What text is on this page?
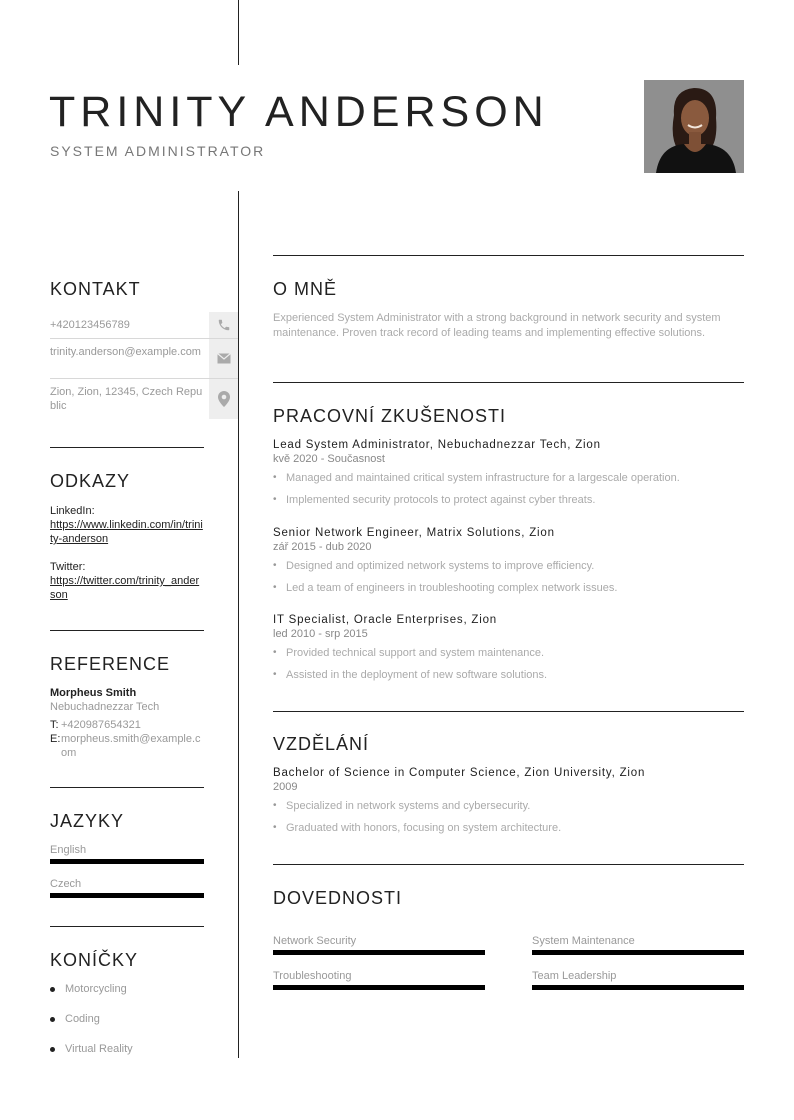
TRINITY ANDERSON
SYSTEM ADMINISTRATOR
KONTAKT
+420123456789
trinity.anderson@example.com
Zion, Zion, 12345, Czech Republic
ODKAZY
LinkedIn:
https://www.linkedin.com/in/trinity-anderson
Twitter:
https://twitter.com/trinity_anderson
REFERENCE
Morpheus Smith
Nebuchadnezzar Tech
T: +420987654321
E: morpheus.smith@example.com
JAZYKY
English
Czech
KONÍČKY
Motorcycling
Coding
Virtual Reality
O MNĚ
Experienced System Administrator with a strong background in network security and system maintenance. Proven track record of leading teams and implementing effective solutions.
PRACOVNÍ ZKUŠENOSTI
Lead System Administrator, Nebuchadnezzar Tech, Zion
kvě 2020 - Současnost
• Managed and maintained critical system infrastructure for a largescale operation.
• Implemented security protocols to protect against cyber threats.
Senior Network Engineer, Matrix Solutions, Zion
zář 2015 - dub 2020
• Designed and optimized network systems to improve efficiency.
• Led a team of engineers in troubleshooting complex network issues.
IT Specialist, Oracle Enterprises, Zion
led 2010 - srp 2015
• Provided technical support and system maintenance.
• Assisted in the deployment of new software solutions.
VZDĚLÁNÍ
Bachelor of Science in Computer Science, Zion University, Zion
2009
• Specialized in network systems and cybersecurity.
• Graduated with honors, focusing on system architecture.
DOVEDNOSTI
Network Security	System Maintenance
Troubleshooting	Team Leadership
